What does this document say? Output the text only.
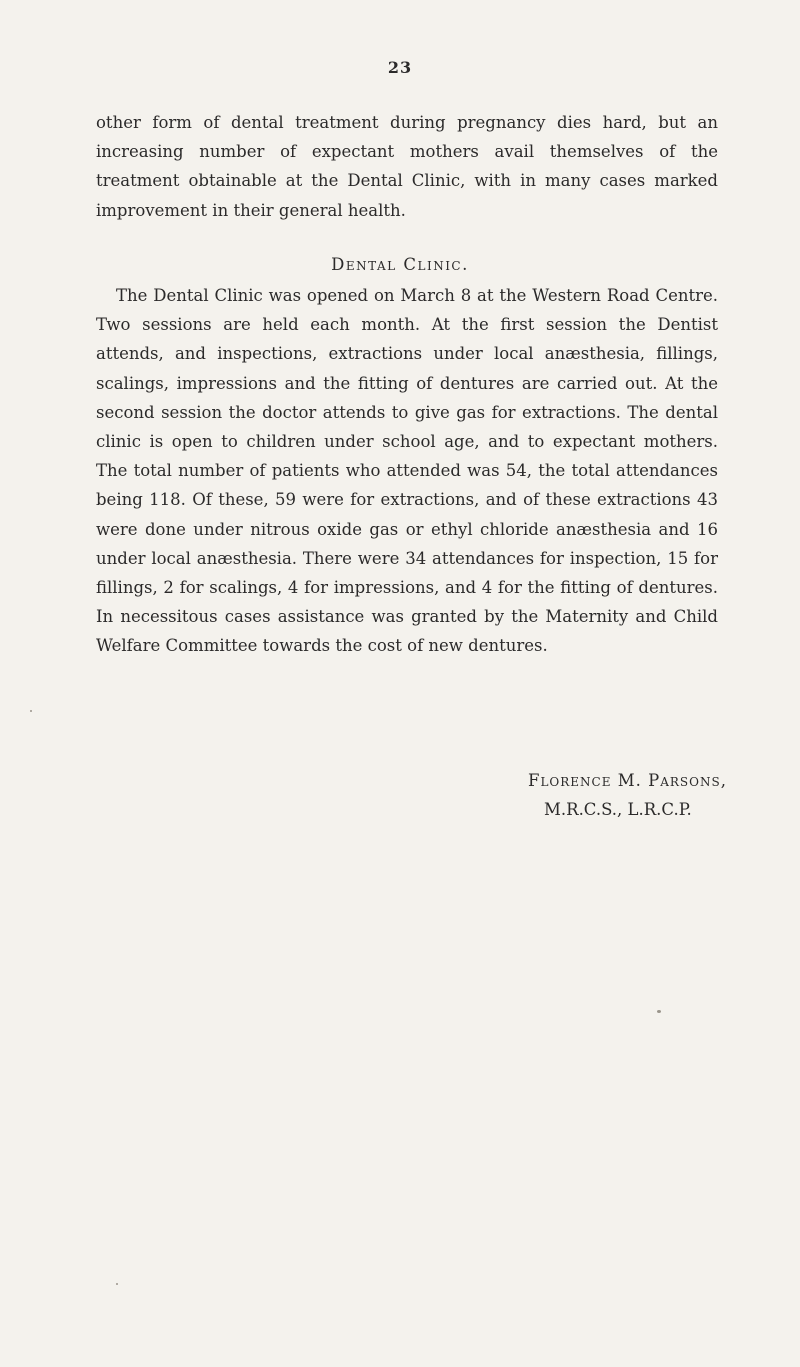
23
other form of dental treatment during pregnancy dies hard, but an increasing number of expectant mothers avail themselves of the treatment obtainable at the Dental Clinic, with in many cases marked improvement in their general health.
Dental Clinic.
The Dental Clinic was opened on March 8 at the Western Road Centre. Two sessions are held each month. At the first session the Dentist attends, and inspections, extractions under local anæsthesia, fillings, scalings, impressions and the fitting of dentures are carried out. At the second session the doctor attends to give gas for extractions. The dental clinic is open to children under school age, and to expectant mothers. The total number of patients who attended was 54, the total attendances being 118. Of these, 59 were for extractions, and of these extractions 43 were done under nitrous oxide gas or ethyl chloride anæsthesia and 16 under local anæsthesia. There were 34 attendances for inspection, 15 for fillings, 2 for scalings, 4 for impressions, and 4 for the fitting of dentures. In necessitous cases assistance was granted by the Maternity and Child Welfare Committee towards the cost of new dentures.
Florence M. Parsons,
M.R.C.S., L.R.C.P.
